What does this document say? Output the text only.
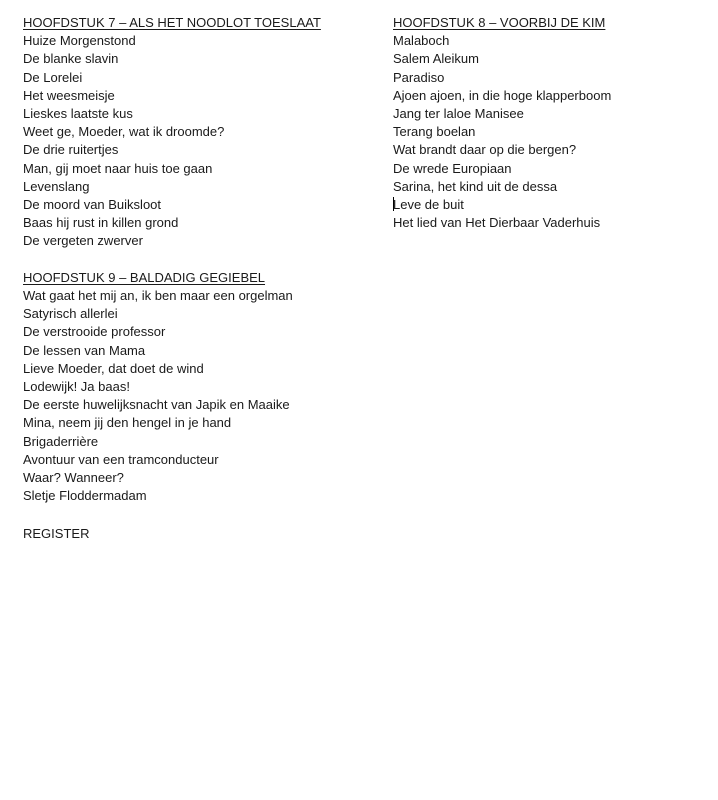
HOOFDSTUK 7 – ALS HET NOODLOT TOESLAAT
Huize Morgenstond
De blanke slavin
De Lorelei
Het weesmeisje
Lieskes laatste kus
Weet ge, Moeder, wat ik droomde?
De drie ruitertjes
Man, gij moet naar huis toe gaan
Levenslang
De moord van Buiksloot
Baas hij rust in killen grond
De vergeten zwerver
HOOFDSTUK 9 – BALDADIG GEGIEBEL
Wat gaat het mij an, ik ben maar een orgelman
Satyrisch allerlei
De verstrooide professor
De lessen van Mama
Lieve Moeder, dat doet de wind
Lodewijk! Ja baas!
De eerste huwelijksnacht van Japik en Maaike
Mina, neem jij den hengel in je hand
Brigaderrière
Avontuur van een tramconducteur
Waar? Wanneer?
Sletje Floddermadam
REGISTER
HOOFDSTUK 8 – VOORBIJ DE KIM
Malaboch
Salem Aleikum
Paradiso
Ajoen ajoen, in die hoge klapperboom
Jang ter laloe Manisee
Terang boelan
Wat brandt daar op die bergen?
De wrede Europiaan
Sarina, het kind uit de dessa
Leve de buit
Het lied van Het Dierbaar Vaderhuis
